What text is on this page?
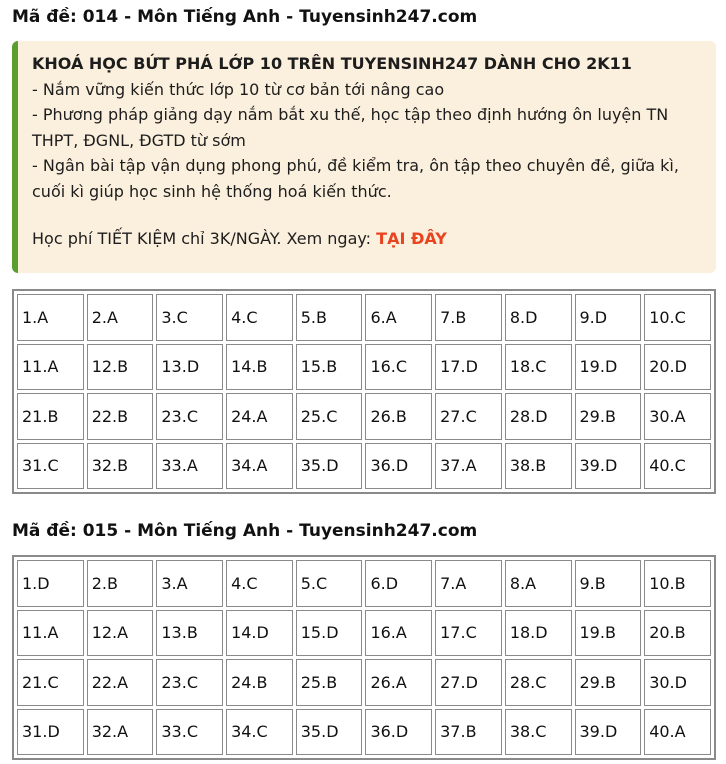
Mã đề: 014 - Môn Tiếng Anh - Tuyensinh247.com
KHOÁ HỌC BỨT PHÁ LỚP 10 TRÊN TUYENSINH247 DÀNH CHO 2K11
- Nắm vững kiến thức lớp 10 từ cơ bản tới nâng cao
- Phương pháp giảng dạy nắm bắt xu thế, học tập theo định hướng ôn luyện TN
THPT, ĐGNL, ĐGTD từ sớm
- Ngân bài tập vận dụng phong phú, đề kiểm tra, ôn tập theo chuyên đề, giữa kì,
cuối kì giúp học sinh hệ thống hoá kiến thức.
Học phí TIẾT KIỆM chỉ 3K/NGÀY. Xem ngay: TẠI ĐÂY
1.A	2.A	3.C	4.C	5.B	6.A	7.B	8.D	9.D	10.C
11.A	12.B	13.D	14.B	15.B	16.C	17.D	18.C	19.D	20.D
21.B	22.B	23.C	24.A	25.C	26.B	27.C	28.D	29.B	30.A
31.C	32.B	33.A	34.A	35.D	36.D	37.A	38.B	39.D	40.C
Mã đề: 015 - Môn Tiếng Anh - Tuyensinh247.com
1.D	2.B	3.A	4.C	5.C	6.D	7.A	8.A	9.B	10.B
11.A	12.A	13.B	14.D	15.D	16.A	17.C	18.D	19.B	20.B
21.C	22.A	23.C	24.B	25.B	26.A	27.D	28.C	29.B	30.D
31.D	32.A	33.C	34.C	35.D	36.D	37.B	38.C	39.D	40.A
